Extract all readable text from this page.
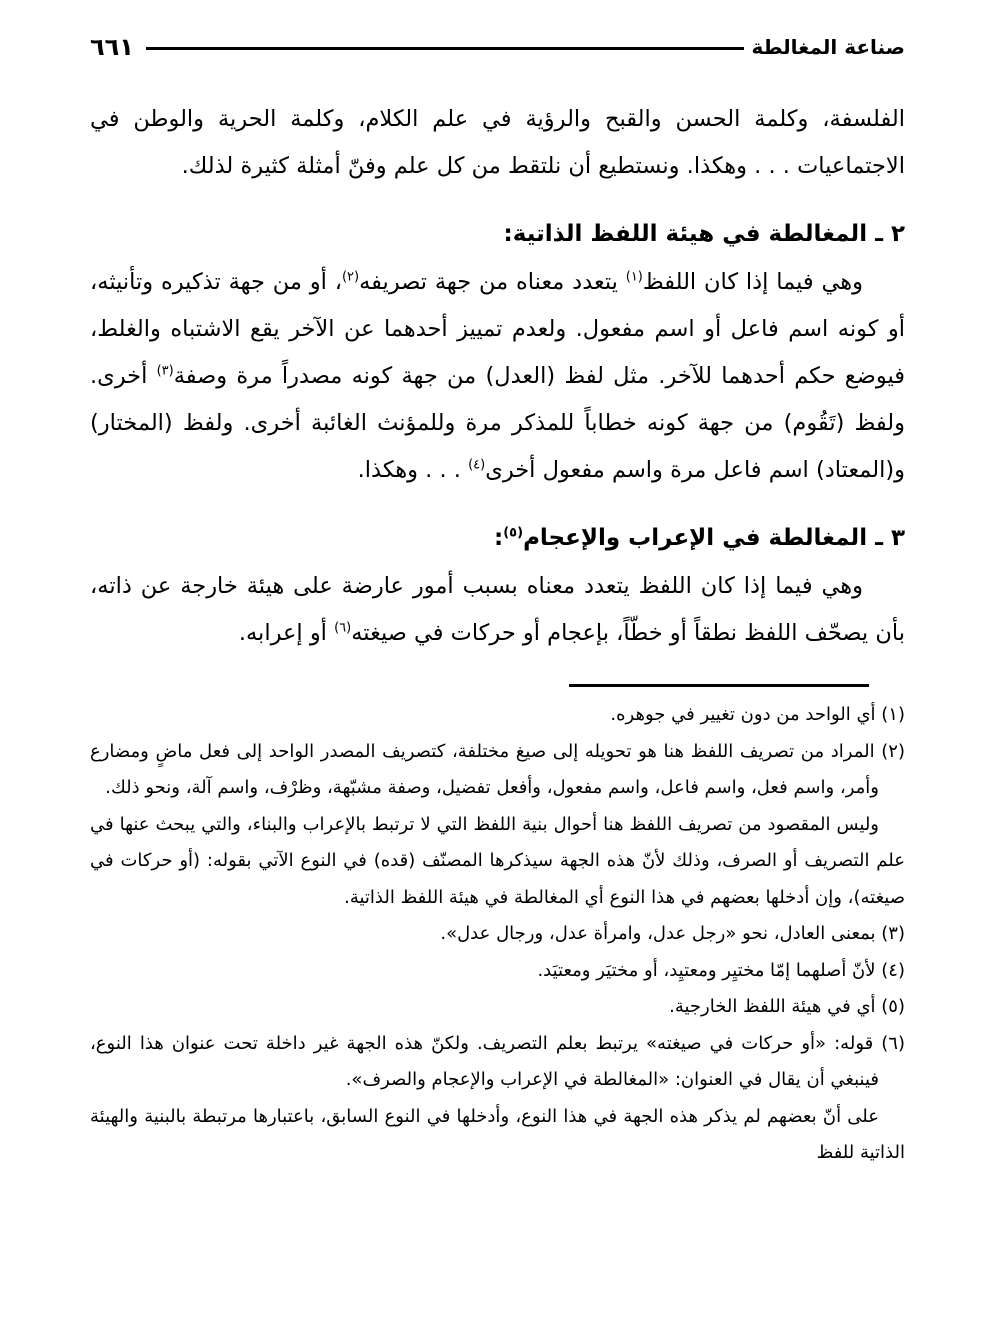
٦٦١	صناعة المغالطة

الفلسفة، وكلمة الحسن والقبح والرؤية في علم الكلام، وكلمة الحرية والوطن في الاجتماعيات . . . وهكذا. ونستطيع أن نلتقط من كل علم وفنّ أمثلة كثيرة لذلك.

٢ ـ المغالطة في هيئة اللفظ الذاتية:

وهي فيما إذا كان اللفظ$^{(١)}$ يتعدد معناه من جهة تصريفه$^{(٢)}$، أو من جهة تذكيره وتأنيثه، أو كونه اسم فاعل أو اسم مفعول. ولعدم تمييز أحدهما عن الآخر يقع الاشتباه والغلط، فيوضع حكم أحدهما للآخر. مثل لفظ (العدل) من جهة كونه مصدراً مرة وصفة$^{(٣)}$ أخرى. ولفظ (تَقُوم) من جهة كونه خطاباً للمذكر مرة وللمؤنث الغائبة أخرى. ولفظ (المختار) و(المعتاد) اسم فاعل مرة واسم مفعول أخرى$^{(٤)}$ . . . وهكذا.

٣ ـ المغالطة في الإعراب والإعجام$^{(٥)}$:

وهي فيما إذا كان اللفظ يتعدد معناه بسبب أمور عارضة على هيئة خارجة عن ذاته، بأن يصحّف اللفظ نطقاً أو خطّاً، بإعجام أو حركات في صيغته$^{(٦)}$ أو إعرابه.

(١) أي الواحد من دون تغيير في جوهره.

(٢) المراد من تصريف اللفظ هنا هو تحويله إلى صيغ مختلفة، كتصريف المصدر الواحد إلى فعل ماضٍ ومضارع وأمر، واسم فعل، واسم فاعل، واسم مفعول، وأفعل تفضيل، وصفة مشبّهة، وظرْف، واسم آلة، ونحو ذلك.

وليس المقصود من تصريف اللفظ هنا أحوال بنية اللفظ التي لا ترتبط بالإعراب والبناء، والتي يبحث عنها في علم التصريف أو الصرف، وذلك لأنّ هذه الجهة سيذكرها المصنّف (قده) في النوع الآتي بقوله: (أو حركات في صيغته)، وإن أدخلها بعضهم في هذا النوع أي المغالطة في هيئة اللفظ الذاتية.

(٣) بمعنى العادل، نحو «رجل عدل، وامرأة عدل، ورجال عدل».

(٤) لأنّ أصلهما إمّا مختيِر ومعتيِد، أو مختيَر ومعتيَد.

(٥) أي في هيئة اللفظ الخارجية.

(٦) قوله: «أو حركات في صيغته» يرتبط بعلم التصريف. ولكنّ هذه الجهة غير داخلة تحت عنوان هذا النوع، فينبغي أن يقال في العنوان: «المغالطة في الإعراب والإعجام والصرف».

على أنّ بعضهم لم يذكر هذه الجهة في هذا النوع، وأدخلها في النوع السابق، باعتبارها مرتبطة بالبنية والهيئة الذاتية للفظ
